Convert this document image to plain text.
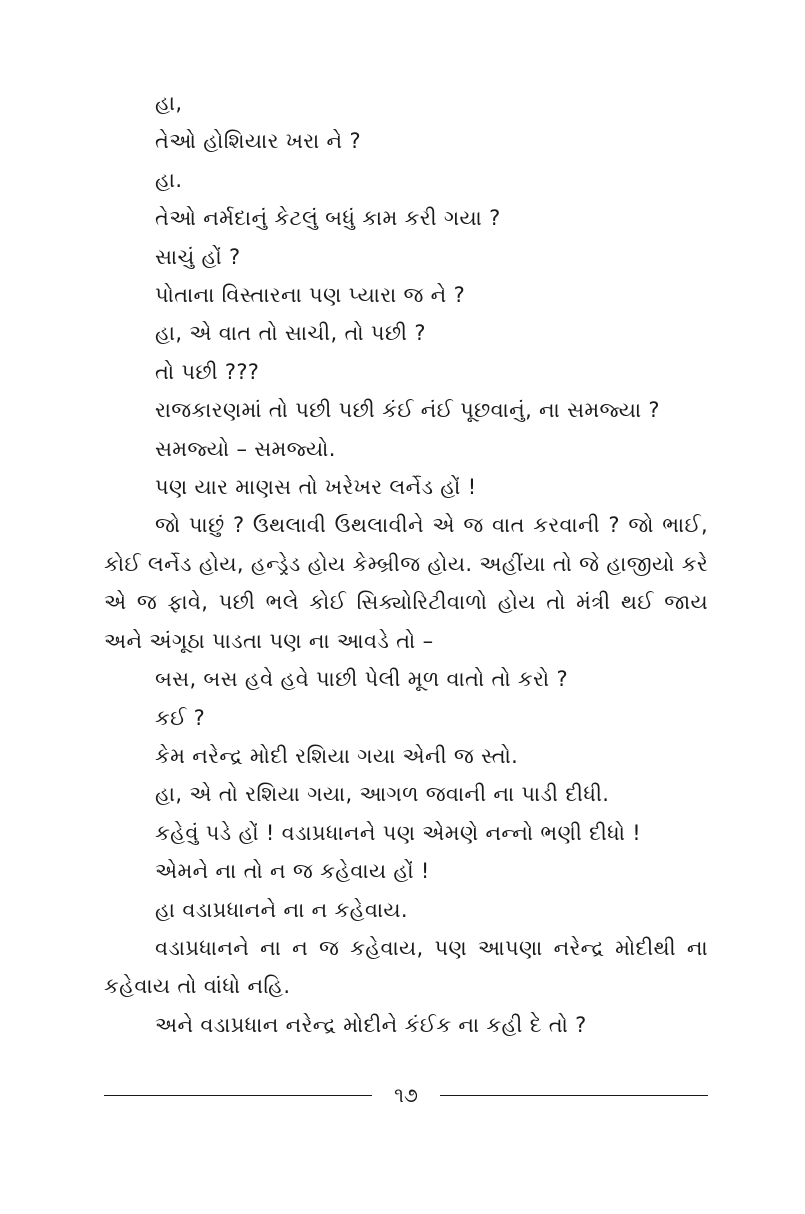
હા,
તેઓ હોશિયાર ખરા ને ?
હા.
તેઓ નર્મદાનું કેટલું બધું કામ કરી ગયા ?
સાચું હોં ?
પોતાના વિસ્તારના પણ પ્યારા જ ને ?
હા, એ વાત તો સાચી, તો પછી ?
તો પછી ???
રાજકારણમાં તો પછી પછી કંઈ નંઈ પૂછવાનું, ના સમજ્યા ?
સમજ્યો – સમજ્યો.
પણ યાર માણસ તો ખરેખર લર્નેડ હોં !
જો પાછું ? ઉથલાવી ઉથલાવીને એ જ વાત કરવાની ? જો ભાઈ, કોઈ લર્નેડ હોય, હન્ડ્રેડ હોય કેમ્બ્રીજ હોય. અહીંયા તો જે હાજીયો કરે એ જ ફાવે, પછી ભલે કોઈ સિક્યોરિટીવાળો હોય તો મંત્રી થઈ જાય અને અંગૂઠા પાડતા પણ ના આવડે તો –
બસ, બસ હવે હવે પાછી પેલી મૂળ વાતો તો કરો ?
કઈ ?
કેમ નરેન્દ્ર મોદી રશિયા ગયા એની જ સ્તો.
હા, એ તો રશિયા ગયા, આગળ જવાની ના પાડી દીધી.
કહેવું પડે હોં ! વડાપ્રધાનને પણ એમણે નન્નો ભણી દીધો !
એમને ના તો ન જ કહેવાય હોં !
હા વડાપ્રધાનને ના ન કહેવાય.
વડાપ્રધાનને ના ન જ કહેવાય, પણ આપણા નરેન્દ્ર મોદીથી ના કહેવાય તો વાંધો નહિ.
અને વડાપ્રધાન નરેન્દ્ર મોદીને કંઈક ના કહી દે તો ?
૧૭
